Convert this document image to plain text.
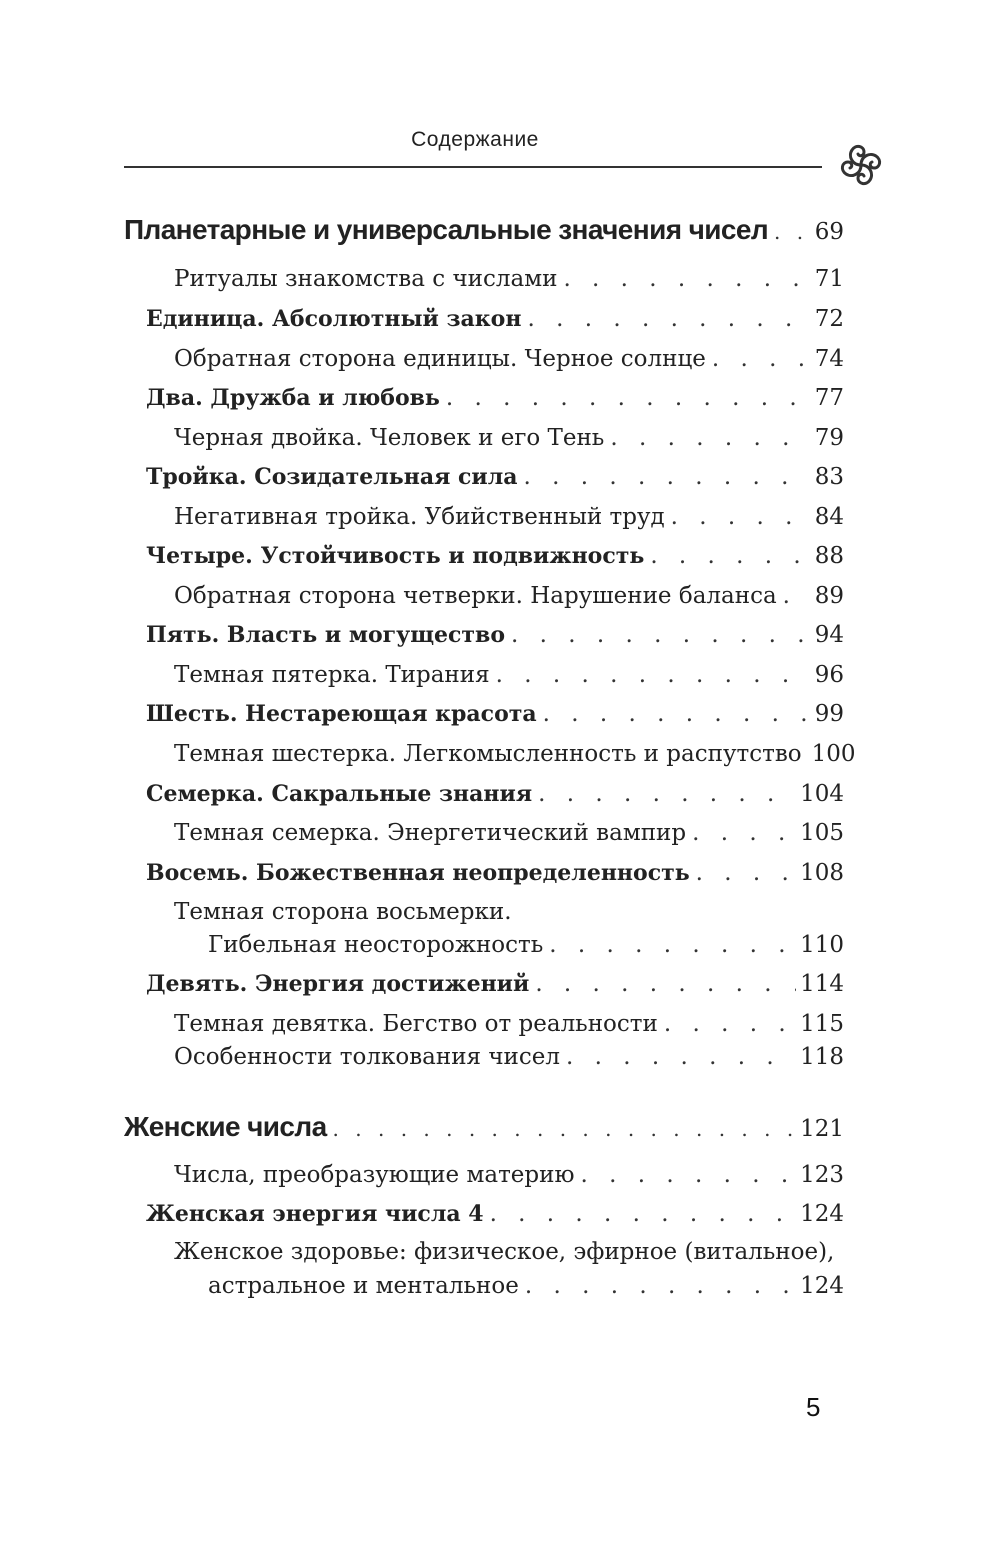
Содержание
Планетарные и универсальные значения чисел . . . 69
Ритуалы знакомства с числами . . .	71
Единица. Абсолютный закон . . .	72
Обратная сторона единицы. Черное солнце . . .	74
Два. Дружба и любовь . . .	77
Черная двойка. Человек и его Тень . . .	79
Тройка. Созидательная сила . . .	83
Негативная тройка. Убийственный труд . . .	84
Четыре. Устойчивость и подвижность . . .	88
Обратная сторона четверки. Нарушение баланса . . . 89
Пять. Власть и могущество . . .	94
Темная пятерка. Тирания . . .	96
Шесть. Нестареющая красота . . .	99
Темная шестерка. Легкомысленность и распутство 100
Семерка. Сакральные знания . . .	104
Темная семерка. Энергетический вампир . . .	105
Восемь. Божественная неопределенность . . .	108
Темная сторона восьмерки.
Гибельная неосторожность . . .	110
Девять. Энергия достижений . . .	114
Темная девятка. Бегство от реальности . . .	115
Особенности толкования чисел . . .	118
Женские числа . . .	121
Числа, преобразующие материю . . .	123
Женская энергия числа 4 . . .	124
Женское здоровье: физическое, эфирное (витальное),
астральное и ментальное . . .	124
5
